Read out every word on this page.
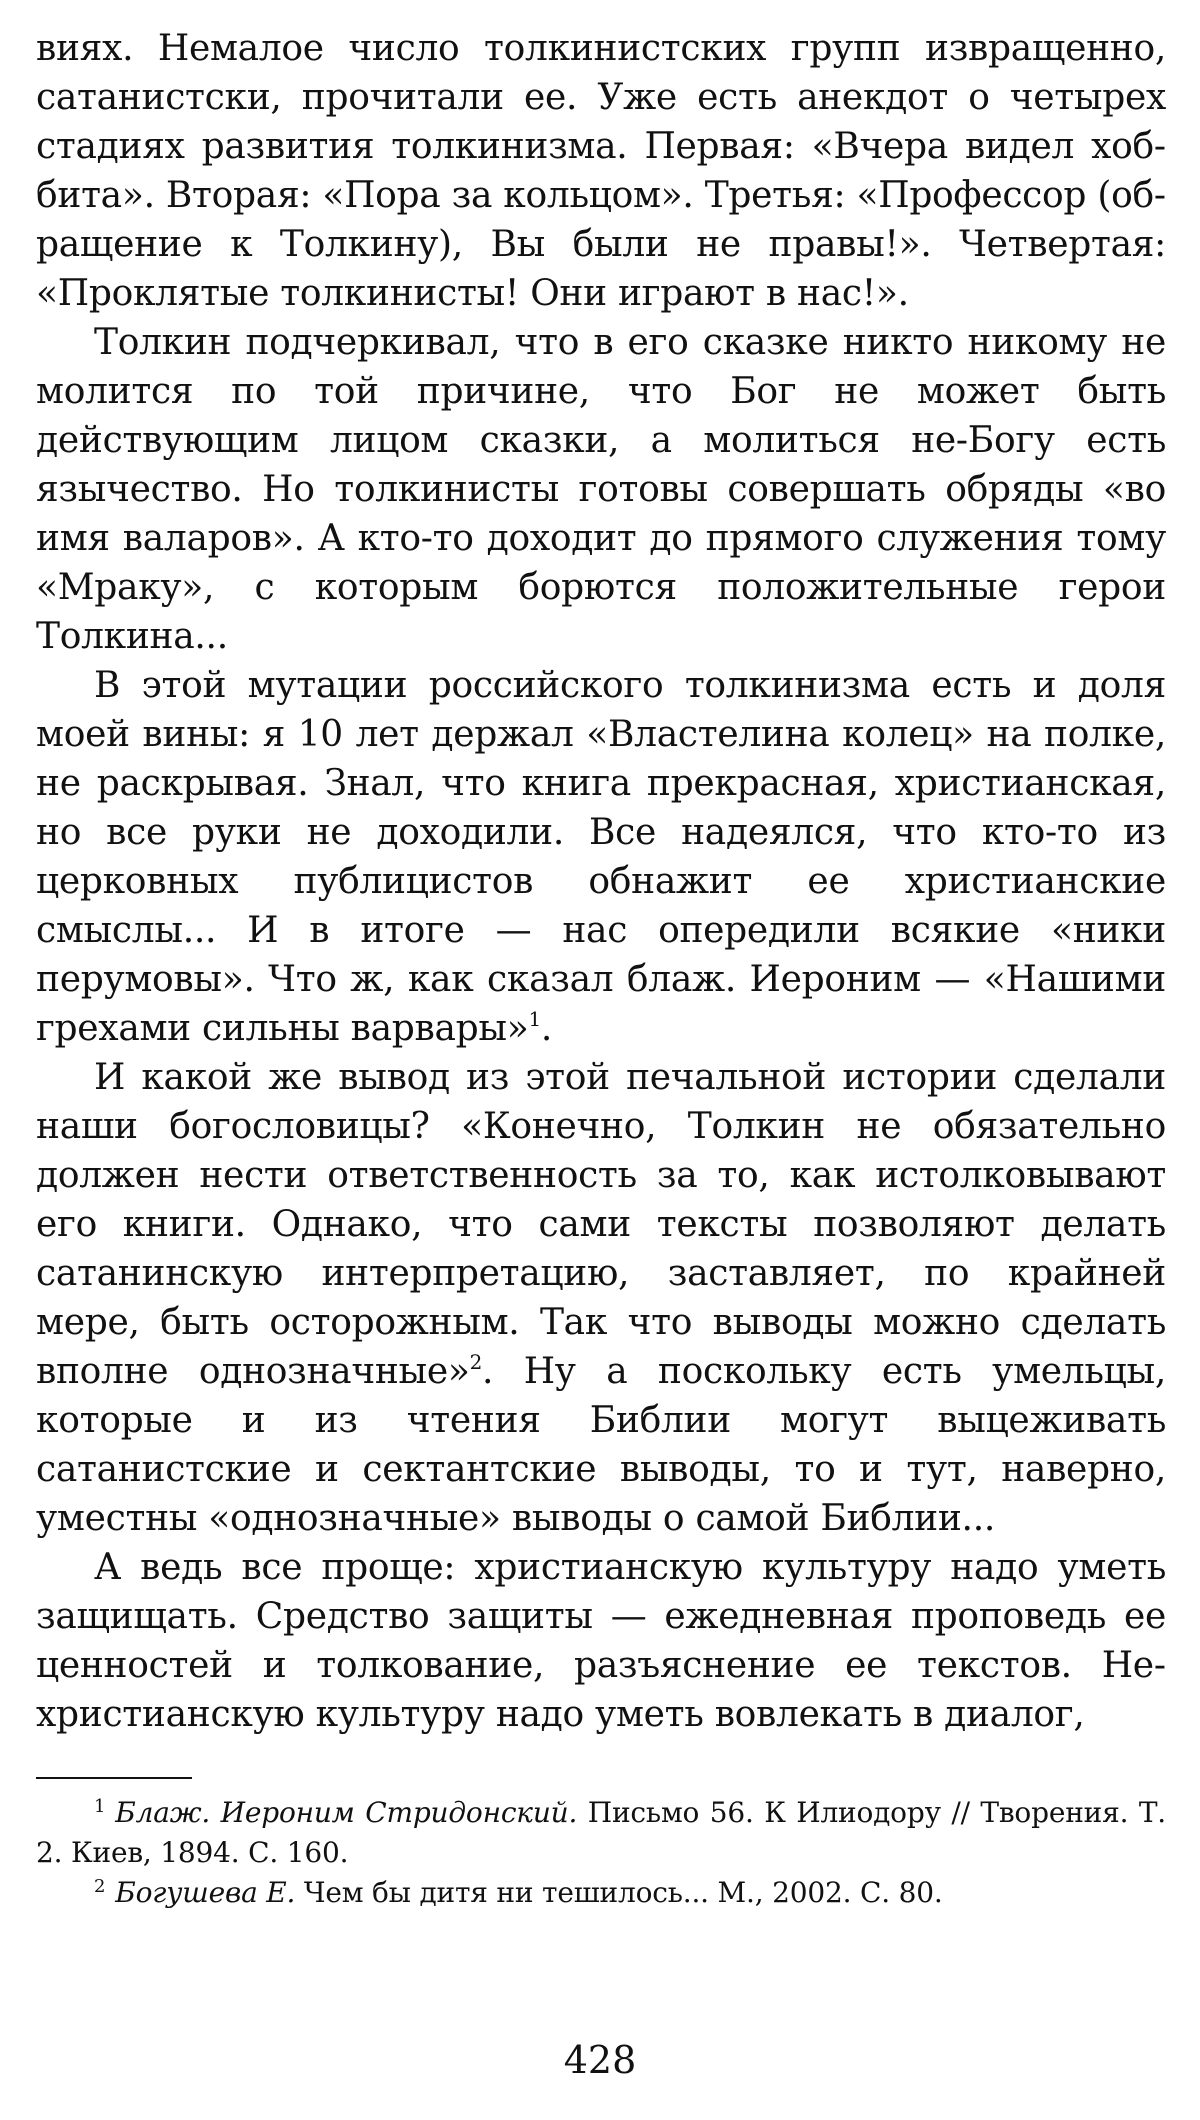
виях. Немалое число толкинистских групп извращенно, сатанистски, прочитали ее. Уже есть анекдот о четырех стадиях развития толкинизма. Первая: «Вчера видел хоббита». Вторая: «Пора за кольцом». Третья: «Профессор (обращение к Толкину), Вы были не правы!». Четвертая: «Проклятые толкинисты! Они играют в нас!».

Толкин подчеркивал, что в его сказке никто никому не молится по той причине, что Бог не может быть действующим лицом сказки, а молиться не-Богу есть язычество. Но толкинисты готовы совершать обряды «во имя валаров». А кто-то доходит до прямого служения тому «Мраку», с которым борются положительные герои Толкина...

В этой мутации российского толкинизма есть и доля моей вины: я 10 лет держал «Властелина колец» на полке, не раскрывая. Знал, что книга прекрасная, христианская, но все руки не доходили. Все надеялся, что кто-то из церковных публицистов обнажит ее христианские смыслы... И в итоге — нас опередили всякие «ники перумовы». Что ж, как сказал блаж. Иероним — «Нашими грехами сильны варвары»$^1$.

И какой же вывод из этой печальной истории сделали наши богословицы? «Конечно, Толкин не обязательно должен нести ответственность за то, как истолковывают его книги. Однако, что сами тексты позволяют делать сатанинскую интерпретацию, заставляет, по крайней мере, быть осторожным. Так что выводы можно сделать вполне однозначные»$^2$. Ну а поскольку есть умельцы, которые и из чтения Библии могут выцеживать сатанистские и сектантские выводы, то и тут, наверно, уместны «однозначные» выводы о самой Библии...

А ведь все проще: христианскую культуру надо уметь защищать. Средство защиты — ежедневная проповедь ее ценностей и толкование, разъяснение ее текстов. Нехристианскую культуру надо уметь вовлекать в диалог,

$^1$ Блаж. Иероним Стридонский. Письмо 56. К Илиодору // Творения. Т. 2. Киев, 1894. С. 160.

$^2$ Богушева Е. Чем бы дитя ни тешилось... М., 2002. С. 80.

428
